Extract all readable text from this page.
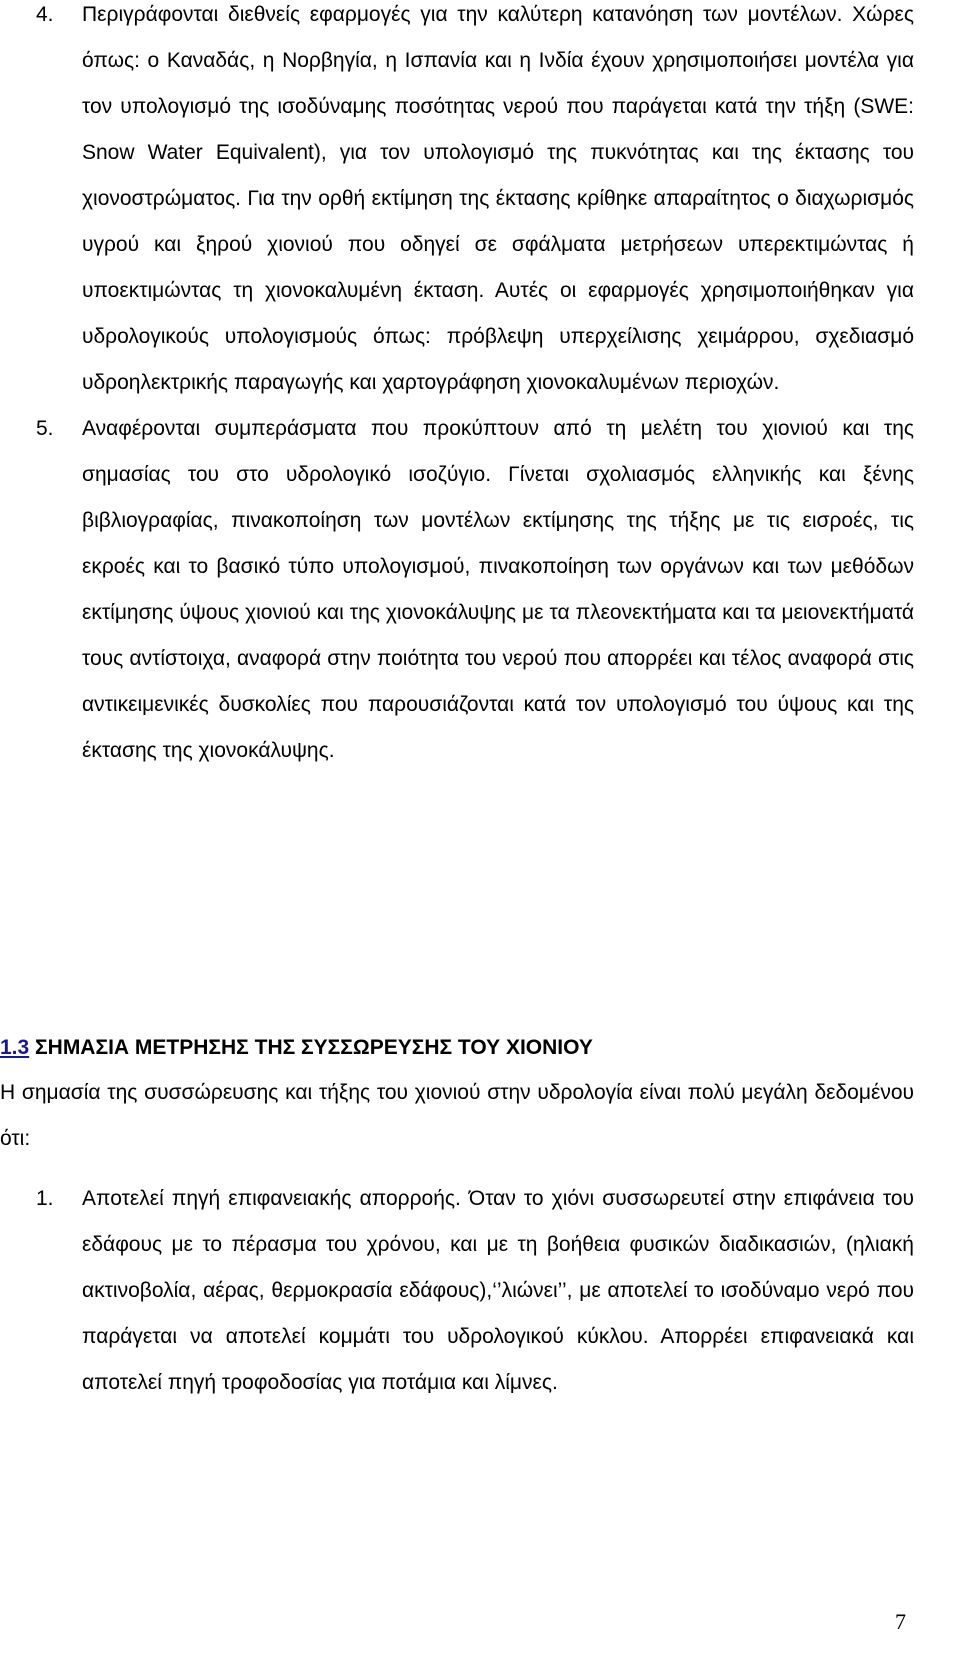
4.	Περιγράφονται διεθνείς εφαρμογές για την καλύτερη κατανόηση των μοντέλων. Χώρες όπως: ο Καναδάς, η Νορβηγία, η Ισπανία και η Ινδία έχουν χρησιμοποιήσει μοντέλα για τον υπολογισμό της ισοδύναμης ποσότητας νερού που παράγεται κατά την τήξη (SWE: Snow Water Equivalent), για τον υπολογισμό της πυκνότητας και της έκτασης του χιονοστρώματος. Για την ορθή εκτίμηση της έκτασης κρίθηκε απαραίτητος ο διαχωρισμός υγρού και ξηρού χιονιού που οδηγεί σε σφάλματα μετρήσεων υπερεκτιμώντας ή υποεκτιμώντας τη χιονοκαλυμένη έκταση. Αυτές οι εφαρμογές χρησιμοποιήθηκαν για υδρολογικούς υπολογισμούς όπως: πρόβλεψη υπερχείλισης χειμάρρου, σχεδιασμό υδροηλεκτρικής παραγωγής και χαρτογράφηση χιονοκαλυμένων περιοχών.

5.	Αναφέρονται συμπεράσματα που προκύπτουν από τη μελέτη του χιονιού και της σημασίας του στο υδρολογικό ισοζύγιο. Γίνεται σχολιασμός ελληνικής και ξένης βιβλιογραφίας, πινακοποίηση των μοντέλων εκτίμησης της τήξης με τις εισροές, τις εκροές και το βασικό τύπο υπολογισμού, πινακοποίηση των οργάνων και των μεθόδων εκτίμησης ύψους χιονιού και της χιονοκάλυψης με τα πλεονεκτήματα και τα μειονεκτήματά τους αντίστοιχα, αναφορά στην ποιότητα του νερού που απορρέει και τέλος αναφορά στις αντικειμενικές δυσκολίες που παρουσιάζονται κατά τον υπολογισμό του ύψους και της έκτασης της χιονοκάλυψης.

1.3 ΣΗΜΑΣΙΑ ΜΕΤΡΗΣΗΣ ΤΗΣ ΣΥΣΣΩΡΕΥΣΗΣ ΤΟΥ ΧΙΟΝΙΟΥ

Η σημασία της συσσώρευσης και τήξης του χιονιού στην υδρολογία είναι πολύ μεγάλη δεδομένου ότι:

1.	Αποτελεί πηγή επιφανειακής απορροής. Όταν το χιόνι συσσωρευτεί στην επιφάνεια του εδάφους με το πέρασμα του χρόνου, και με τη βοήθεια φυσικών διαδικασιών, (ηλιακή ακτινοβολία, αέρας, θερμοκρασία εδάφους),‘’λιώνει’’, με αποτελεί το ισοδύναμο νερό που παράγεται να αποτελεί κομμάτι του υδρολογικού κύκλου. Απορρέει επιφανειακά και αποτελεί πηγή τροφοδοσίας για ποτάμια και λίμνες.

7
